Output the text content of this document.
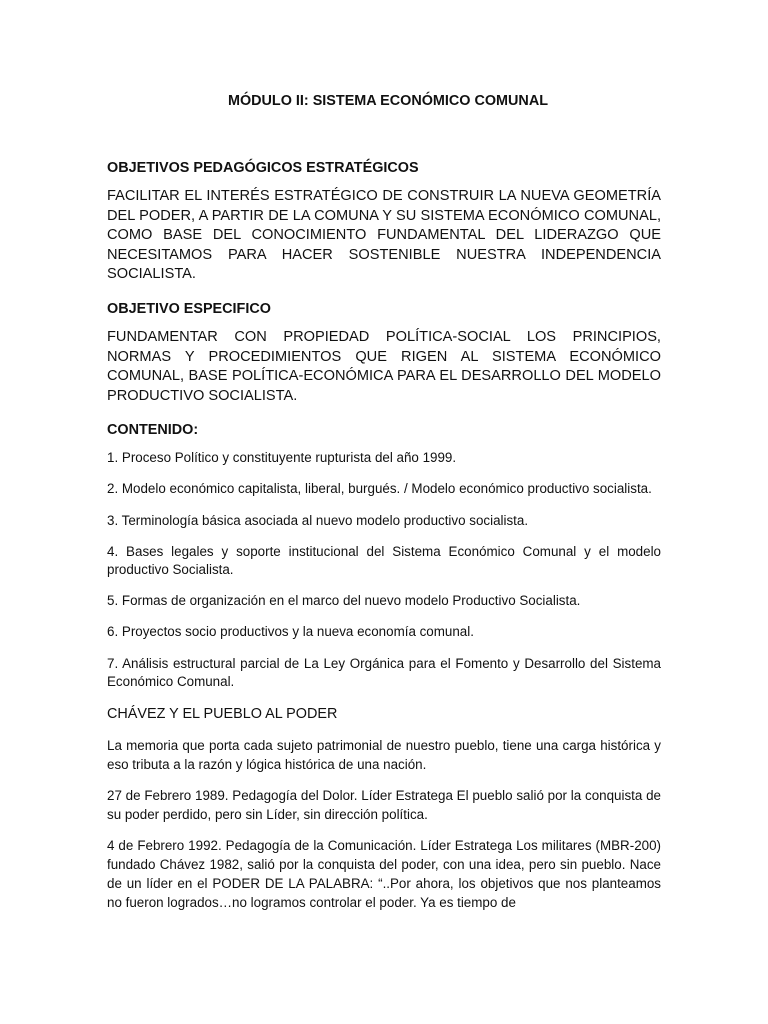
MÓDULO II: SISTEMA ECONÓMICO COMUNAL
OBJETIVOS PEDAGÓGICOS ESTRATÉGICOS
FACILITAR EL INTERÉS ESTRATÉGICO DE CONSTRUIR LA NUEVA GEOMETRÍA DEL PODER, A PARTIR DE LA COMUNA Y SU SISTEMA ECONÓMICO COMUNAL, COMO BASE DEL CONOCIMIENTO FUNDAMENTAL DEL LIDERAZGO QUE NECESITAMOS PARA HACER SOSTENIBLE NUESTRA INDEPENDENCIA SOCIALISTA.
OBJETIVO ESPECIFICO
FUNDAMENTAR CON PROPIEDAD POLÍTICA-SOCIAL LOS PRINCIPIOS, NORMAS Y PROCEDIMIENTOS QUE RIGEN AL SISTEMA ECONÓMICO COMUNAL, BASE POLÍTICA-ECONÓMICA PARA EL DESARROLLO DEL MODELO PRODUCTIVO SOCIALISTA.
CONTENIDO:
1. Proceso Político y constituyente rupturista del año 1999.
2. Modelo económico capitalista, liberal, burgués. / Modelo económico productivo socialista.
3. Terminología básica asociada al nuevo modelo productivo socialista.
4. Bases legales y soporte institucional del Sistema Económico Comunal y el modelo productivo Socialista.
5. Formas de organización en el marco del nuevo modelo Productivo Socialista.
6. Proyectos socio productivos y la nueva economía comunal.
7. Análisis estructural parcial de La Ley Orgánica para el Fomento y Desarrollo del Sistema Económico Comunal.
CHÁVEZ Y EL PUEBLO AL PODER
La memoria que porta cada sujeto patrimonial de nuestro pueblo, tiene una carga histórica y eso tributa a la razón y lógica histórica de una nación.
27 de Febrero 1989. Pedagogía del Dolor. Líder Estratega El pueblo salió por la conquista de su poder perdido, pero sin Líder, sin dirección política.
4 de Febrero 1992. Pedagogía de la Comunicación. Líder Estratega Los militares (MBR-200) fundado Chávez 1982, salió por la conquista del poder, con una idea, pero sin pueblo. Nace de un líder en el PODER DE LA PALABRA: “..Por ahora, los objetivos que nos planteamos no fueron logrados…no logramos controlar el poder. Ya es tiempo de
